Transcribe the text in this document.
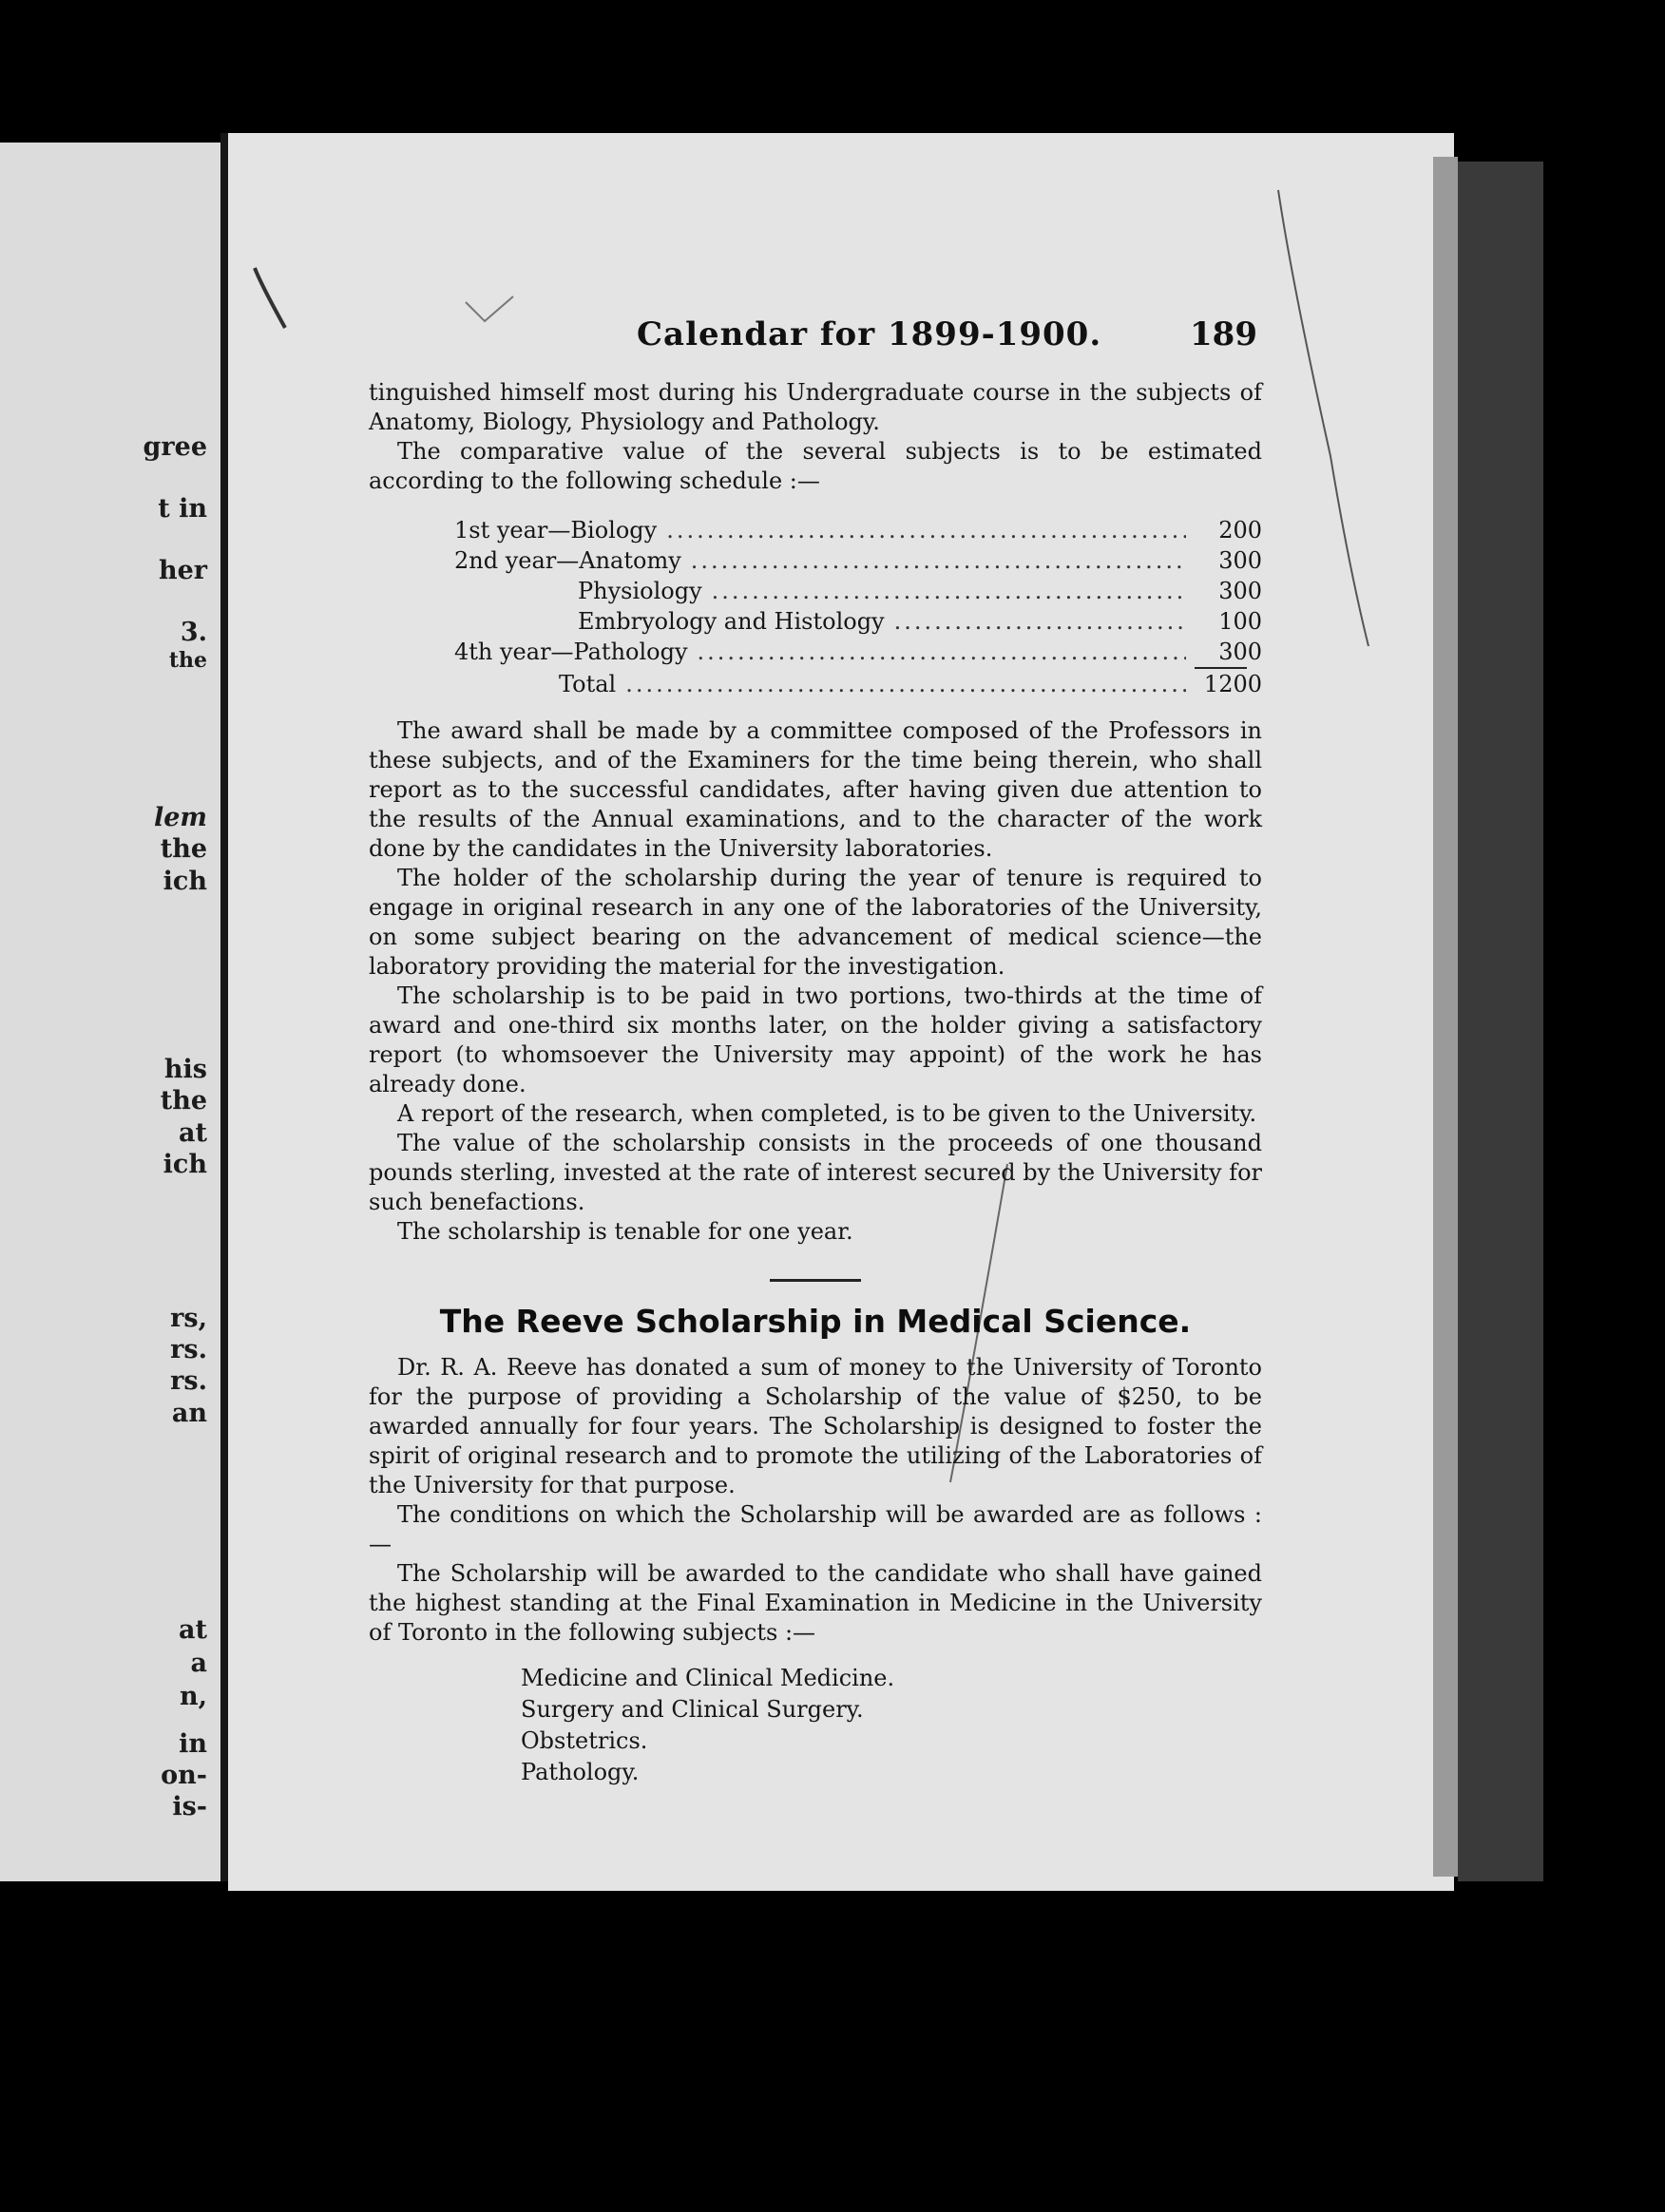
gree
t in
her
3.
the
lem
the
ich
his
the
at
ich
rs,
rs.
rs.
an
at
a
n,
in
on-
is-
Calendar for 1899-1900.	189

tinguished himself most during his Undergraduate course in the subjects of Anatomy, Biology, Physiology and Pathology.

The comparative value of the several subjects is to be estimated according to the following schedule :—

1st year—Biology .....	200
2nd year—Anatomy .....	300
Physiology .....	300
Embryology and Histology .....	100
4th year—Pathology .....	300
Total .....	1200

The award shall be made by a committee composed of the Professors in these subjects, and of the Examiners for the time being therein, who shall report as to the successful candidates, after having given due attention to the results of the Annual examinations, and to the character of the work done by the candidates in the University laboratories.

The holder of the scholarship during the year of tenure is required to engage in original research in any one of the laboratories of the University, on some subject bearing on the advancement of medical science—the laboratory providing the material for the investigation.

The scholarship is to be paid in two portions, two-thirds at the time of award and one-third six months later, on the holder giving a satisfactory report (to whomsoever the University may appoint) of the work he has already done.

A report of the research, when completed, is to be given to the University.

The value of the scholarship consists in the proceeds of one thousand pounds sterling, invested at the rate of interest secured by the University for such benefactions.

The scholarship is tenable for one year.

The Reeve Scholarship in Medical Science.

Dr. R. A. Reeve has donated a sum of money to the University of Toronto for the purpose of providing a Scholarship of the value of $250, to be awarded annually for four years. The Scholarship is designed to foster the spirit of original research and to promote the utilizing of the Laboratories of the University for that purpose.

The conditions on which the Scholarship will be awarded are as follows :—

The Scholarship will be awarded to the candidate who shall have gained the highest standing at the Final Examination in Medicine in the University of Toronto in the following subjects :—

Medicine and Clinical Medicine.
Surgery and Clinical Surgery.
Obstetrics.
Pathology.
